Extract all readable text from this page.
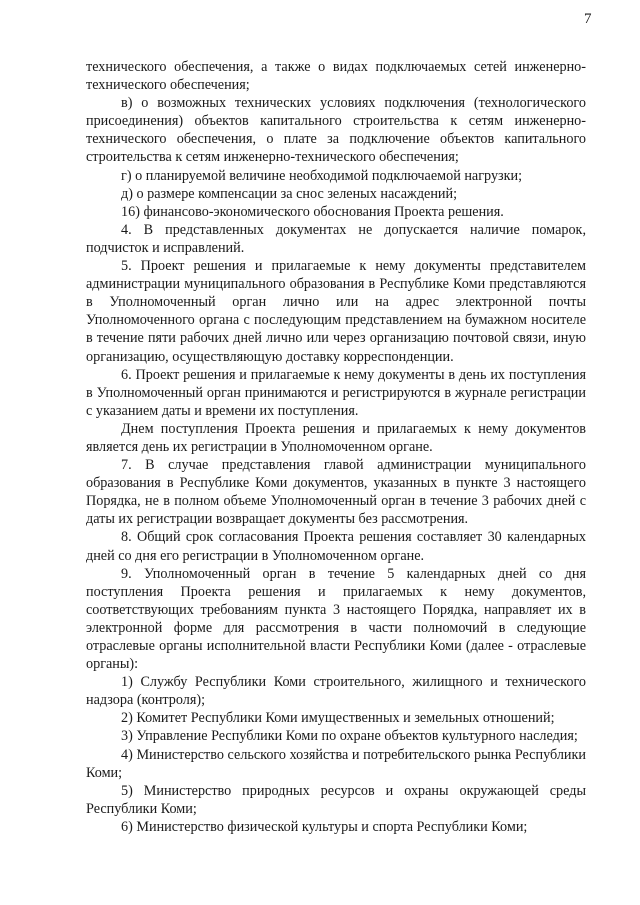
7

технического обеспечения, а также о видах подключаемых сетей инженерно-технического обеспечения;

в) о возможных технических условиях подключения (технологического присоединения) объектов капитального строительства к сетям инженерно-технического обеспечения, о плате за подключение объектов капитального строительства к сетям инженерно-технического обеспечения;

г) о планируемой величине необходимой подключаемой нагрузки;

д) о размере компенсации за снос зеленых насаждений;

16) финансово-экономического обоснования Проекта решения.

4. В представленных документах не допускается наличие помарок, подчисток и исправлений.

5. Проект решения и прилагаемые к нему документы представителем администрации муниципального образования в Республике Коми представляются в Уполномоченный орган лично или на адрес электронной почты Уполномоченного органа с последующим представлением на бумажном носителе в течение пяти рабочих дней лично или через организацию почтовой связи, иную организацию, осуществляющую доставку корреспонденции.

6. Проект решения и прилагаемые к нему документы в день их поступления в Уполномоченный орган принимаются и регистрируются в журнале регистрации с указанием даты и времени их поступления.

Днем поступления Проекта решения и прилагаемых к нему документов является день их регистрации в Уполномоченном органе.

7. В случае представления главой администрации муниципального образования в Республике Коми документов, указанных в пункте 3 настоящего Порядка, не в полном объеме Уполномоченный орган в течение 3 рабочих дней с даты их регистрации возвращает документы без рассмотрения.

8. Общий срок согласования Проекта решения составляет 30 календарных дней со дня его регистрации в Уполномоченном органе.

9. Уполномоченный орган в течение 5 календарных дней со дня поступления Проекта решения и прилагаемых к нему документов, соответствующих требованиям пункта 3 настоящего Порядка, направляет их в электронной форме для рассмотрения в части полномочий в следующие отраслевые органы исполнительной власти Республики Коми (далее - отраслевые органы):

1) Службу Республики Коми строительного, жилищного и технического надзора (контроля);

2) Комитет Республики Коми имущественных и земельных отношений;

3) Управление Республики Коми по охране объектов культурного наследия;

4) Министерство сельского хозяйства и потребительского рынка Республики Коми;

5) Министерство природных ресурсов и охраны окружающей среды Республики Коми;

6) Министерство физической культуры и спорта Республики Коми;
